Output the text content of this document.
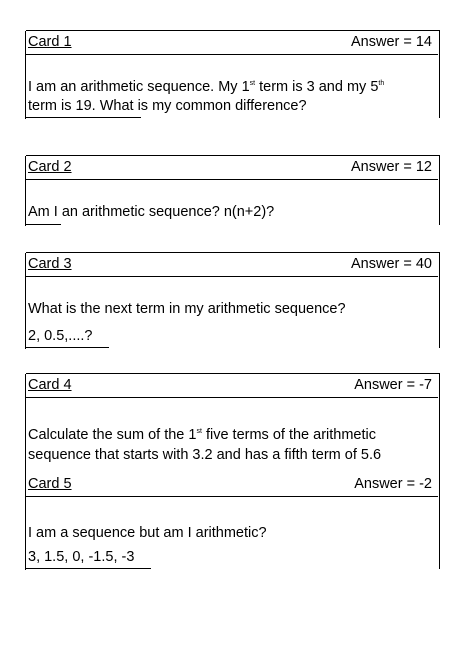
Card 1	Answer = 14
I am an arithmetic sequence. My 1st term is 3 and my 5th
term is 19. What is my common difference?
Card 2	Answer = 12
Am I an arithmetic sequence? n(n+2)?
Card 3	Answer = 40
What is the next term in my arithmetic sequence?
2, 0.5,....?
Card 4	Answer = -7
Calculate the sum of the 1st five terms of the arithmetic
sequence that starts with 3.2 and has a fifth term of 5.6
Card 5	Answer = -2
I am a sequence but am I arithmetic?
3, 1.5, 0, -1.5, -3
